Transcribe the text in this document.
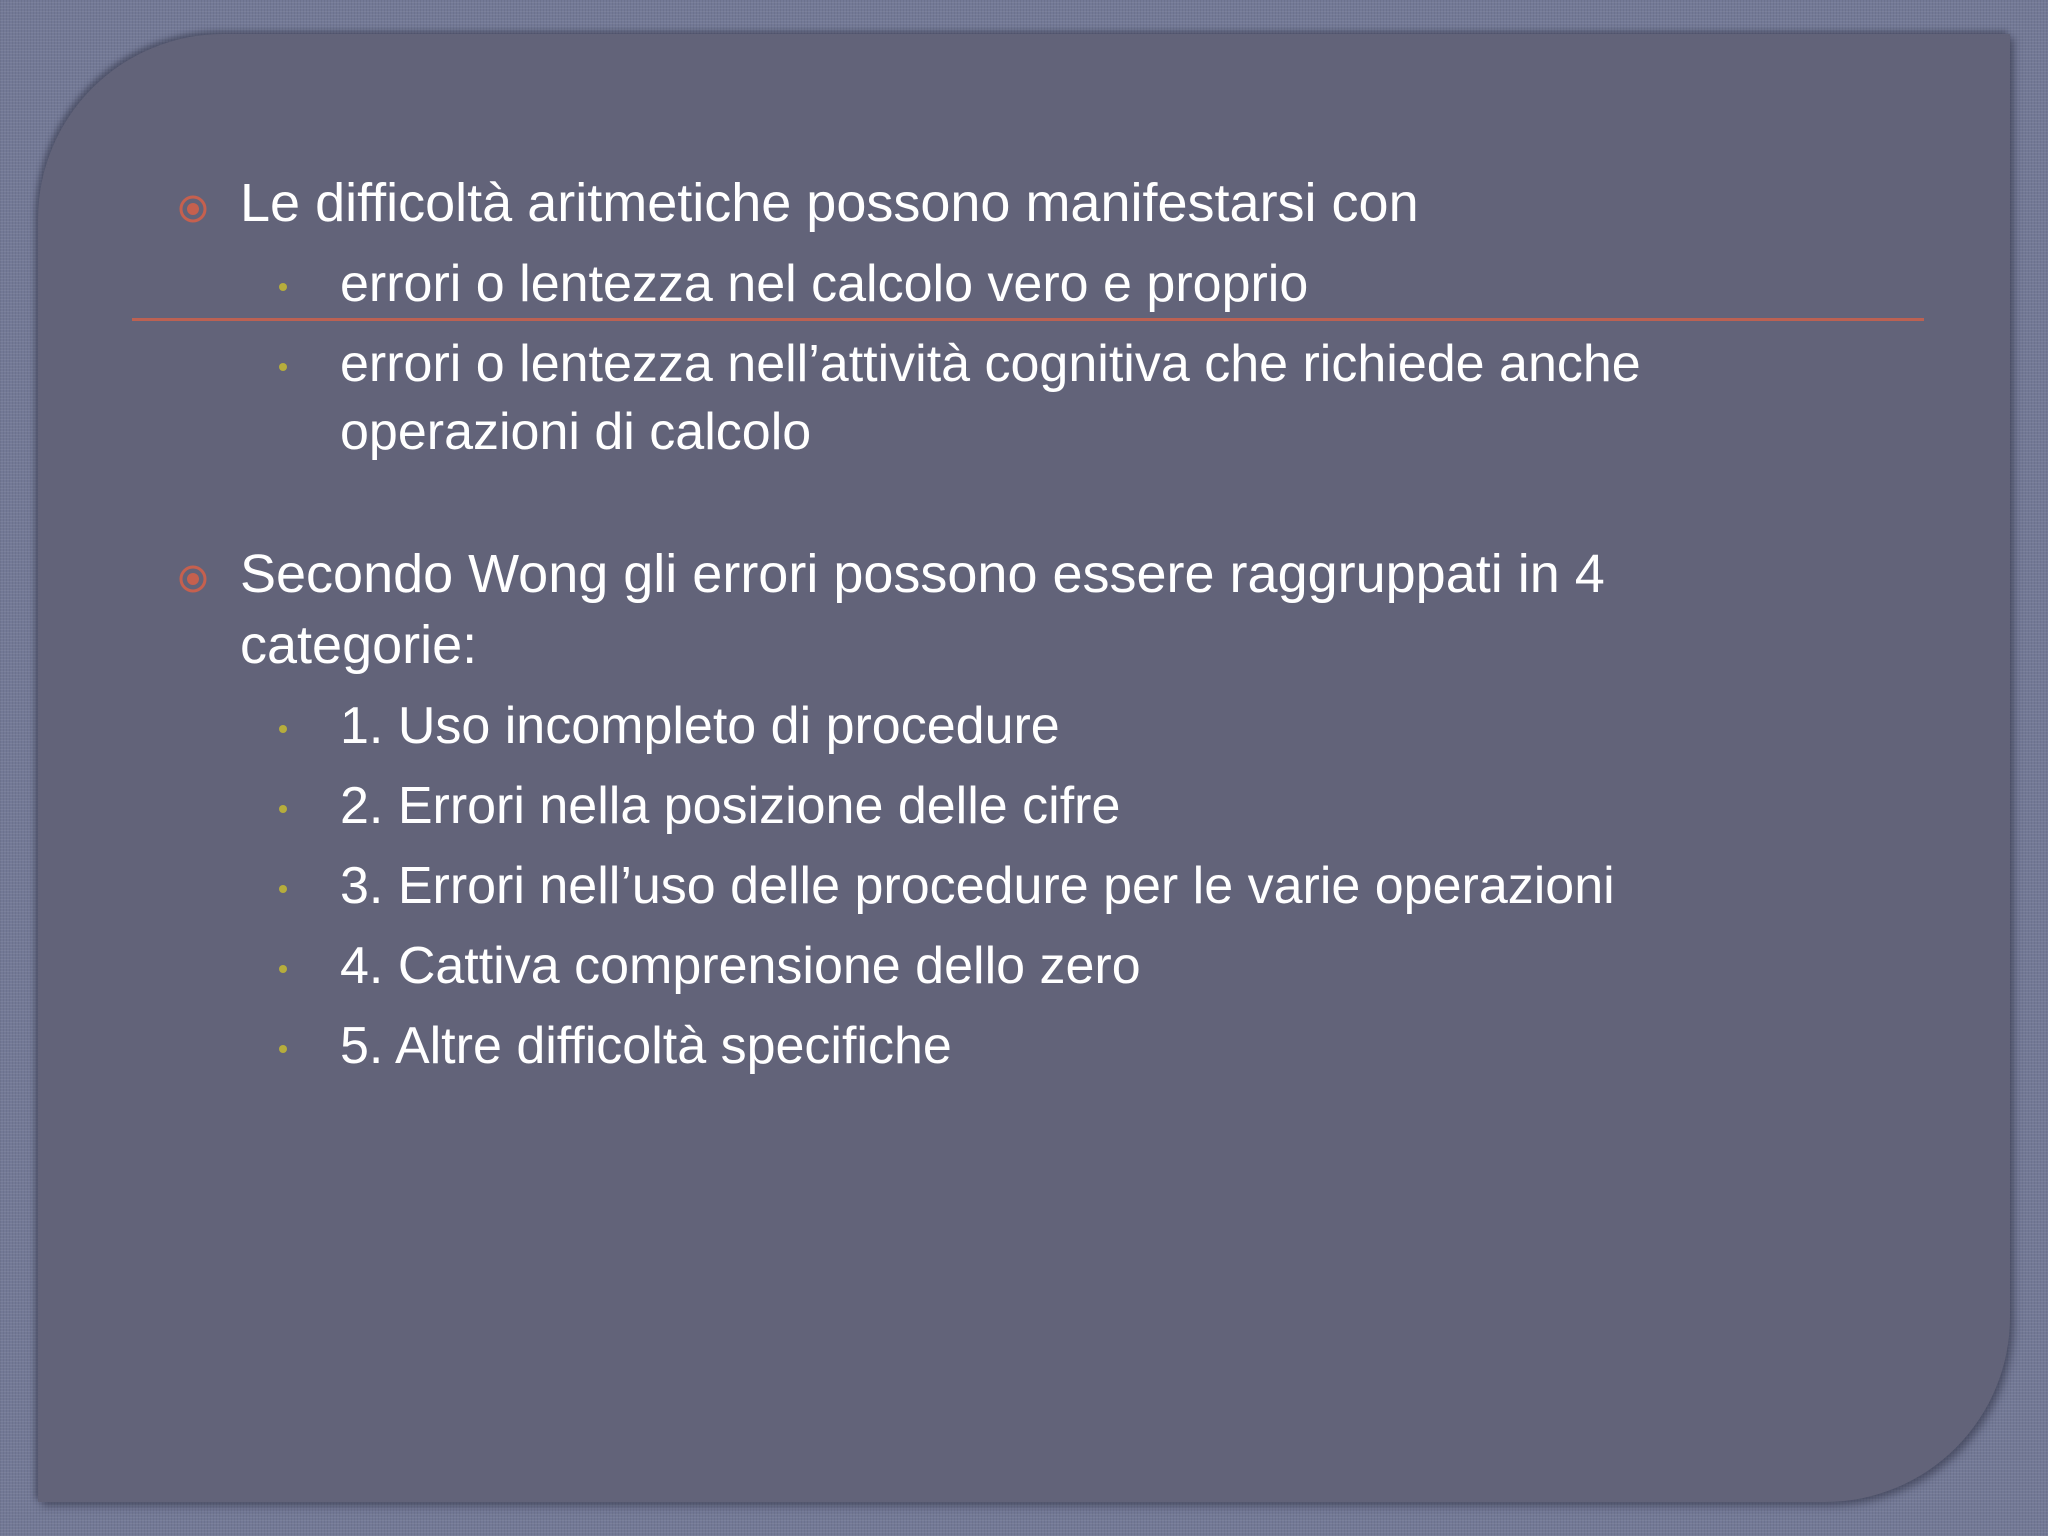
Le difficoltà aritmetiche possono manifestarsi con
errori o lentezza nel calcolo vero e proprio
errori o lentezza nell’attività cognitiva che richiede anche
operazioni di calcolo
Secondo Wong gli errori possono essere raggruppati in 4
categorie:
1. Uso incompleto di procedure
2. Errori nella posizione delle cifre
3. Errori nell’uso delle procedure per le varie operazioni
4. Cattiva comprensione dello zero
5. Altre difficoltà specifiche
